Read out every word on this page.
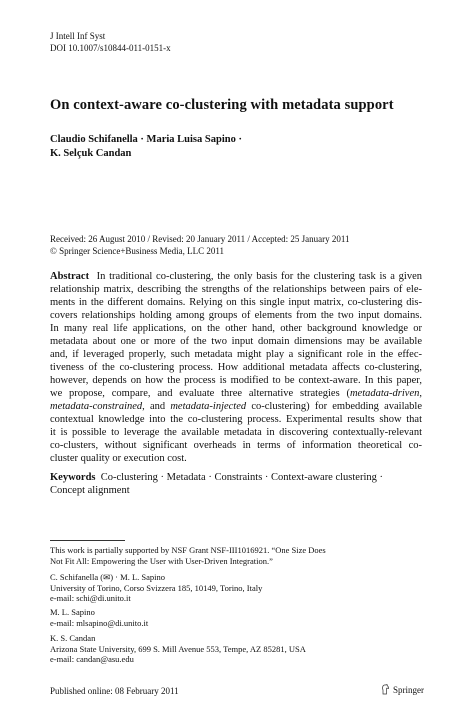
J Intell Inf Syst
DOI 10.1007/s10844-011-0151-x
On context-aware co-clustering with metadata support
Claudio Schifanella · Maria Luisa Sapino ·
K. Selçuk Candan
Received: 26 August 2010 / Revised: 20 January 2011 / Accepted: 25 January 2011
© Springer Science+Business Media, LLC 2011
Abstract In traditional co-clustering, the only basis for the clustering task is a given
relationship matrix, describing the strengths of the relationships between pairs of ele-
ments in the different domains. Relying on this single input matrix, co-clustering dis-
covers relationships holding among groups of elements from the two input domains.
In many real life applications, on the other hand, other background knowledge or
metadata about one or more of the two input domain dimensions may be available
and, if leveraged properly, such metadata might play a significant role in the effec-
tiveness of the co-clustering process. How additional metadata affects co-clustering,
however, depends on how the process is modified to be context-aware. In this paper,
we propose, compare, and evaluate three alternative strategies (metadata-driven,
metadata-constrained, and metadata-injected co-clustering) for embedding available
contextual knowledge into the co-clustering process. Experimental results show that
it is possible to leverage the available metadata in discovering contextually-relevant
co-clusters, without significant overheads in terms of information theoretical co-
cluster quality or execution cost.
Keywords Co-clustering · Metadata · Constraints · Context-aware clustering ·
Concept alignment
This work is partially supported by NSF Grant NSF-III1016921. “One Size Does
Not Fit All: Empowering the User with User-Driven Integration.”
C. Schifanella (✉) · M. L. Sapino
University of Torino, Corso Svizzera 185, 10149, Torino, Italy
e-mail: schi@di.unito.it
M. L. Sapino
e-mail: mlsapino@di.unito.it
K. S. Candan
Arizona State University, 699 S. Mill Avenue 553, Tempe, AZ 85281, USA
e-mail: candan@asu.edu
Published online: 08 February 2011	Springer
